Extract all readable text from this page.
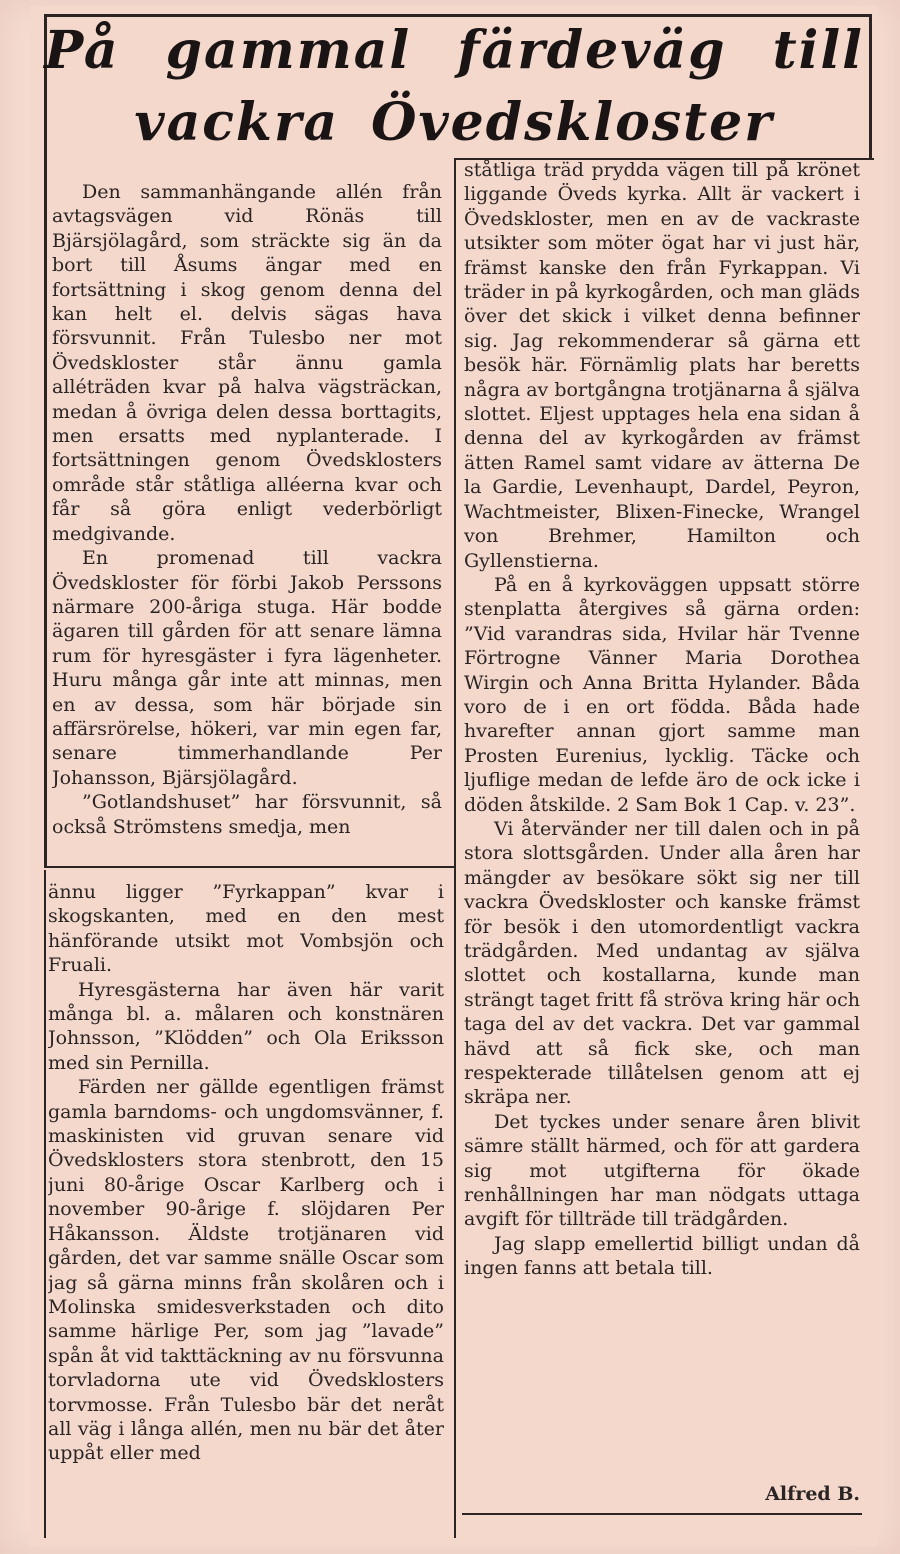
På gammal färdeväg till
vackra Övedskloster

Den sammanhängande allén från avtagsvägen vid Rönäs till Bjärsjölagård, som sträckte sig än da bort till Åsums ängar med en fortsättning i skog genom denna del kan helt el. delvis sägas hava försvunnit. Från Tulesbo ner mot Övedskloster står ännu gamla alléträden kvar på halva vägsträckan, medan å övriga delen dessa borttagits, men ersatts med nyplanterade. I fortsättningen genom Övedsklosters område står ståtliga alléerna kvar och får så göra enligt vederbörligt medgivande.

En promenad till vackra Övedskloster för förbi Jakob Perssons närmare 200-åriga stuga. Här bodde ägaren till gården för att senare lämna rum för hyresgäster i fyra lägenheter. Huru många går inte att minnas, men en av dessa, som här började sin affärsrörelse, hökeri, var min egen far, senare timmerhandlande Per Johansson, Bjärsjölagård.

”Gotlandshuset” har försvunnit, så också Strömstens smedja, men

ännu ligger ”Fyrkappan” kvar i skogskanten, med en den mest hänförande utsikt mot Vombsjön och Fruali.

Hyresgästerna har även här varit många bl. a. målaren och konstnären Johnsson, ”Klödden” och Ola Eriksson med sin Pernilla.

Färden ner gällde egentligen främst gamla barndoms- och ungdomsvänner, f. maskinisten vid gruvan senare vid Övedsklosters stora stenbrott, den 15 juni 80-årige Oscar Karlberg och i november 90-årige f. slöjdaren Per Håkansson. Äldste trotjänaren vid gården, det var samme snälle Oscar som jag så gärna minns från skolåren och i Molinska smidesverkstaden och dito samme härlige Per, som jag ”lavade” spån åt vid takttäckning av nu försvunna torvladorna ute vid Övedsklosters torvmosse. Från Tulesbo bär det neråt all väg i långa allén, men nu bär det åter uppåt eller med

ståtliga träd prydda vägen till på krönet liggande Öveds kyrka. Allt är vackert i Övedskloster, men en av de vackraste utsikter som möter ögat har vi just här, främst kanske den från Fyrkappan. Vi träder in på kyrkogården, och man gläds över det skick i vilket denna befinner sig. Jag rekommenderar så gärna ett besök här. Förnämlig plats har beretts några av bortgångna trotjänarna å själva slottet. Eljest upptages hela ena sidan å denna del av kyrkogården av främst ätten Ramel samt vidare av ätterna De la Gardie, Levenhaupt, Dardel, Peyron, Wachtmeister, Blixen-Finecke, Wrangel von Brehmer, Hamilton och Gyllenstierna.

På en å kyrkoväggen uppsatt större stenplatta återgives så gärna orden: ”Vid varandras sida, Hvilar här Tvenne Förtrogne Vänner Maria Dorothea Wirgin och Anna Britta Hylander. Båda voro de i en ort födda. Båda hade hvarefter annan gjort samme man Prosten Eurenius, lycklig. Täcke och ljuflige medan de lefde äro de ock icke i döden åtskilde. 2 Sam Bok 1 Cap. v. 23”.

Vi återvänder ner till dalen och in på stora slottsgården. Under alla åren har mängder av besökare sökt sig ner till vackra Övedskloster och kanske främst för besök i den utomordentligt vackra trädgården. Med undantag av själva slottet och kostallarna, kunde man strängt taget fritt få ströva kring här och taga del av det vackra. Det var gammal hävd att så fick ske, och man respekterade tillåtelsen genom att ej skräpa ner.

Det tyckes under senare åren blivit sämre ställt härmed, och för att gardera sig mot utgifterna för ökade renhållningen har man nödgats uttaga avgift för tillträde till trädgården.

Jag slapp emellertid billigt undan då ingen fanns att betala till.

Alfred B.
